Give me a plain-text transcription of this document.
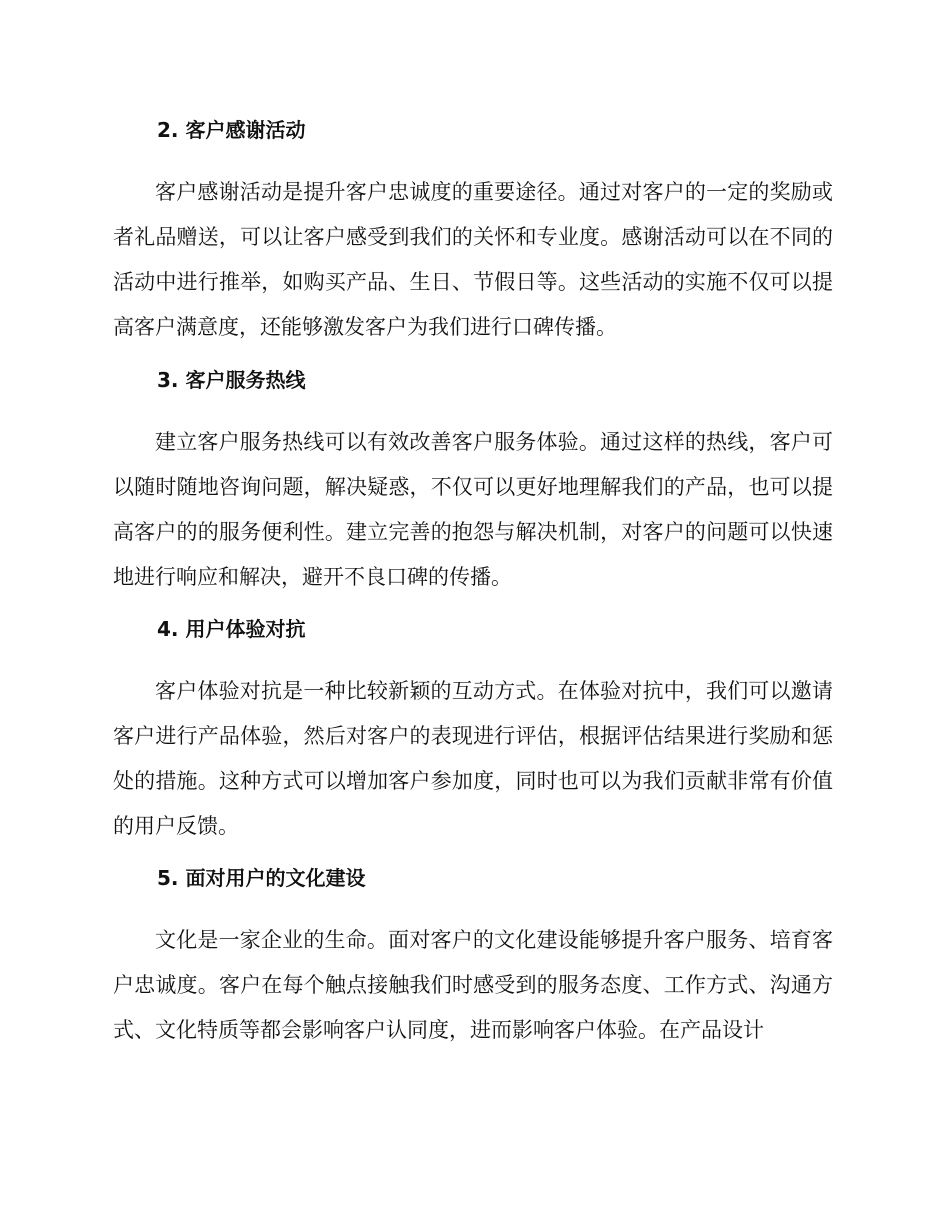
2. 客户感谢活动

客户感谢活动是提升客户忠诚度的重要途径。通过对客户的一定的奖励或者礼品赠送，可以让客户感受到我们的关怀和专业度。感谢活动可以在不同的活动中进行推举，如购买产品、生日、节假日等。这些活动的实施不仅可以提高客户满意度，还能够激发客户为我们进行口碑传播。

3. 客户服务热线

建立客户服务热线可以有效改善客户服务体验。通过这样的热线，客户可以随时随地咨询问题，解决疑惑，不仅可以更好地理解我们的产品，也可以提高客户的的服务便利性。建立完善的抱怨与解决机制，对客户的问题可以快速地进行响应和解决，避开不良口碑的传播。

4. 用户体验对抗

客户体验对抗是一种比较新颖的互动方式。在体验对抗中，我们可以邀请客户进行产品体验，然后对客户的表现进行评估，根据评估结果进行奖励和惩处的措施。这种方式可以增加客户参加度，同时也可以为我们贡献非常有价值的用户反馈。

5. 面对用户的文化建设

文化是一家企业的生命。面对客户的文化建设能够提升客户服务、培育客户忠诚度。客户在每个触点接触我们时感受到的服务态度、工作方式、沟通方式、文化特质等都会影响客户认同度，进而影响客户体验。在产品设计
